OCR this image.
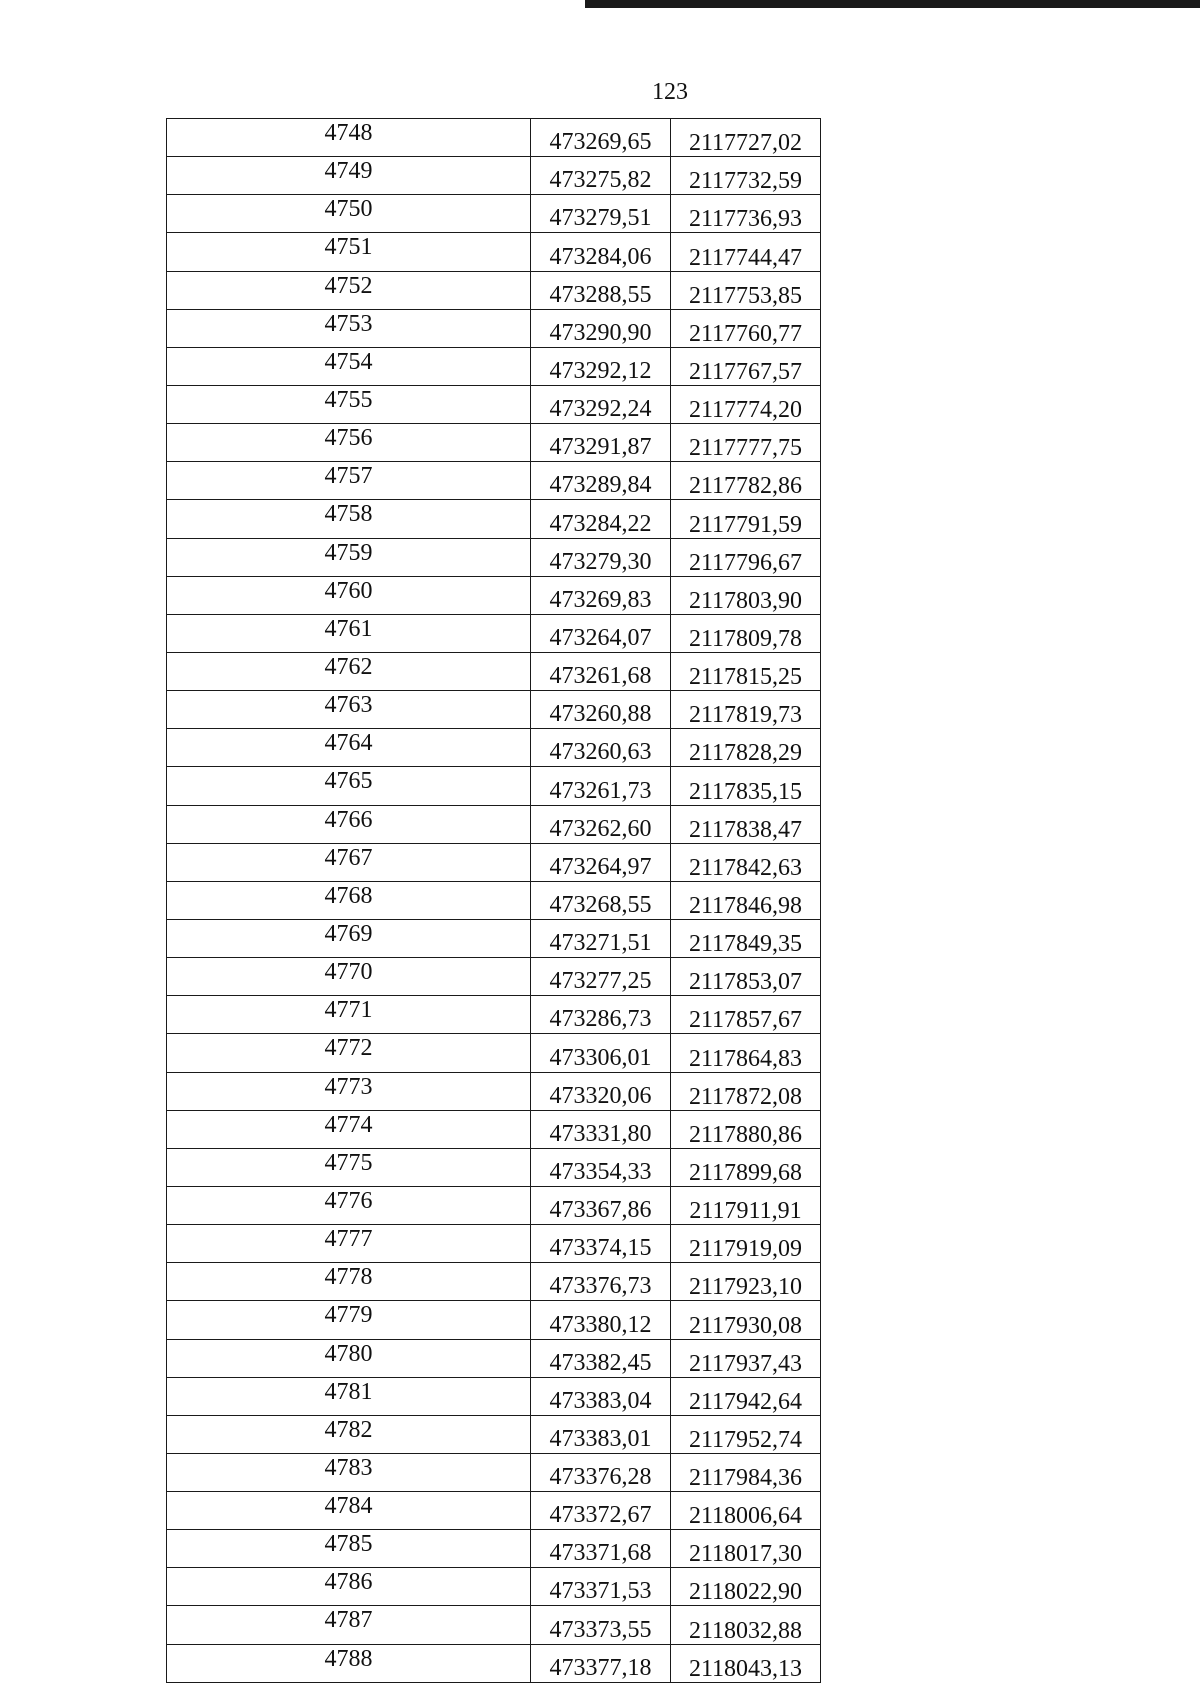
123
4748	473269,65	2117727,02
4749	473275,82	2117732,59
4750	473279,51	2117736,93
4751	473284,06	2117744,47
4752	473288,55	2117753,85
4753	473290,90	2117760,77
4754	473292,12	2117767,57
4755	473292,24	2117774,20
4756	473291,87	2117777,75
4757	473289,84	2117782,86
4758	473284,22	2117791,59
4759	473279,30	2117796,67
4760	473269,83	2117803,90
4761	473264,07	2117809,78
4762	473261,68	2117815,25
4763	473260,88	2117819,73
4764	473260,63	2117828,29
4765	473261,73	2117835,15
4766	473262,60	2117838,47
4767	473264,97	2117842,63
4768	473268,55	2117846,98
4769	473271,51	2117849,35
4770	473277,25	2117853,07
4771	473286,73	2117857,67
4772	473306,01	2117864,83
4773	473320,06	2117872,08
4774	473331,80	2117880,86
4775	473354,33	2117899,68
4776	473367,86	2117911,91
4777	473374,15	2117919,09
4778	473376,73	2117923,10
4779	473380,12	2117930,08
4780	473382,45	2117937,43
4781	473383,04	2117942,64
4782	473383,01	2117952,74
4783	473376,28	2117984,36
4784	473372,67	2118006,64
4785	473371,68	2118017,30
4786	473371,53	2118022,90
4787	473373,55	2118032,88
4788	473377,18	2118043,13
